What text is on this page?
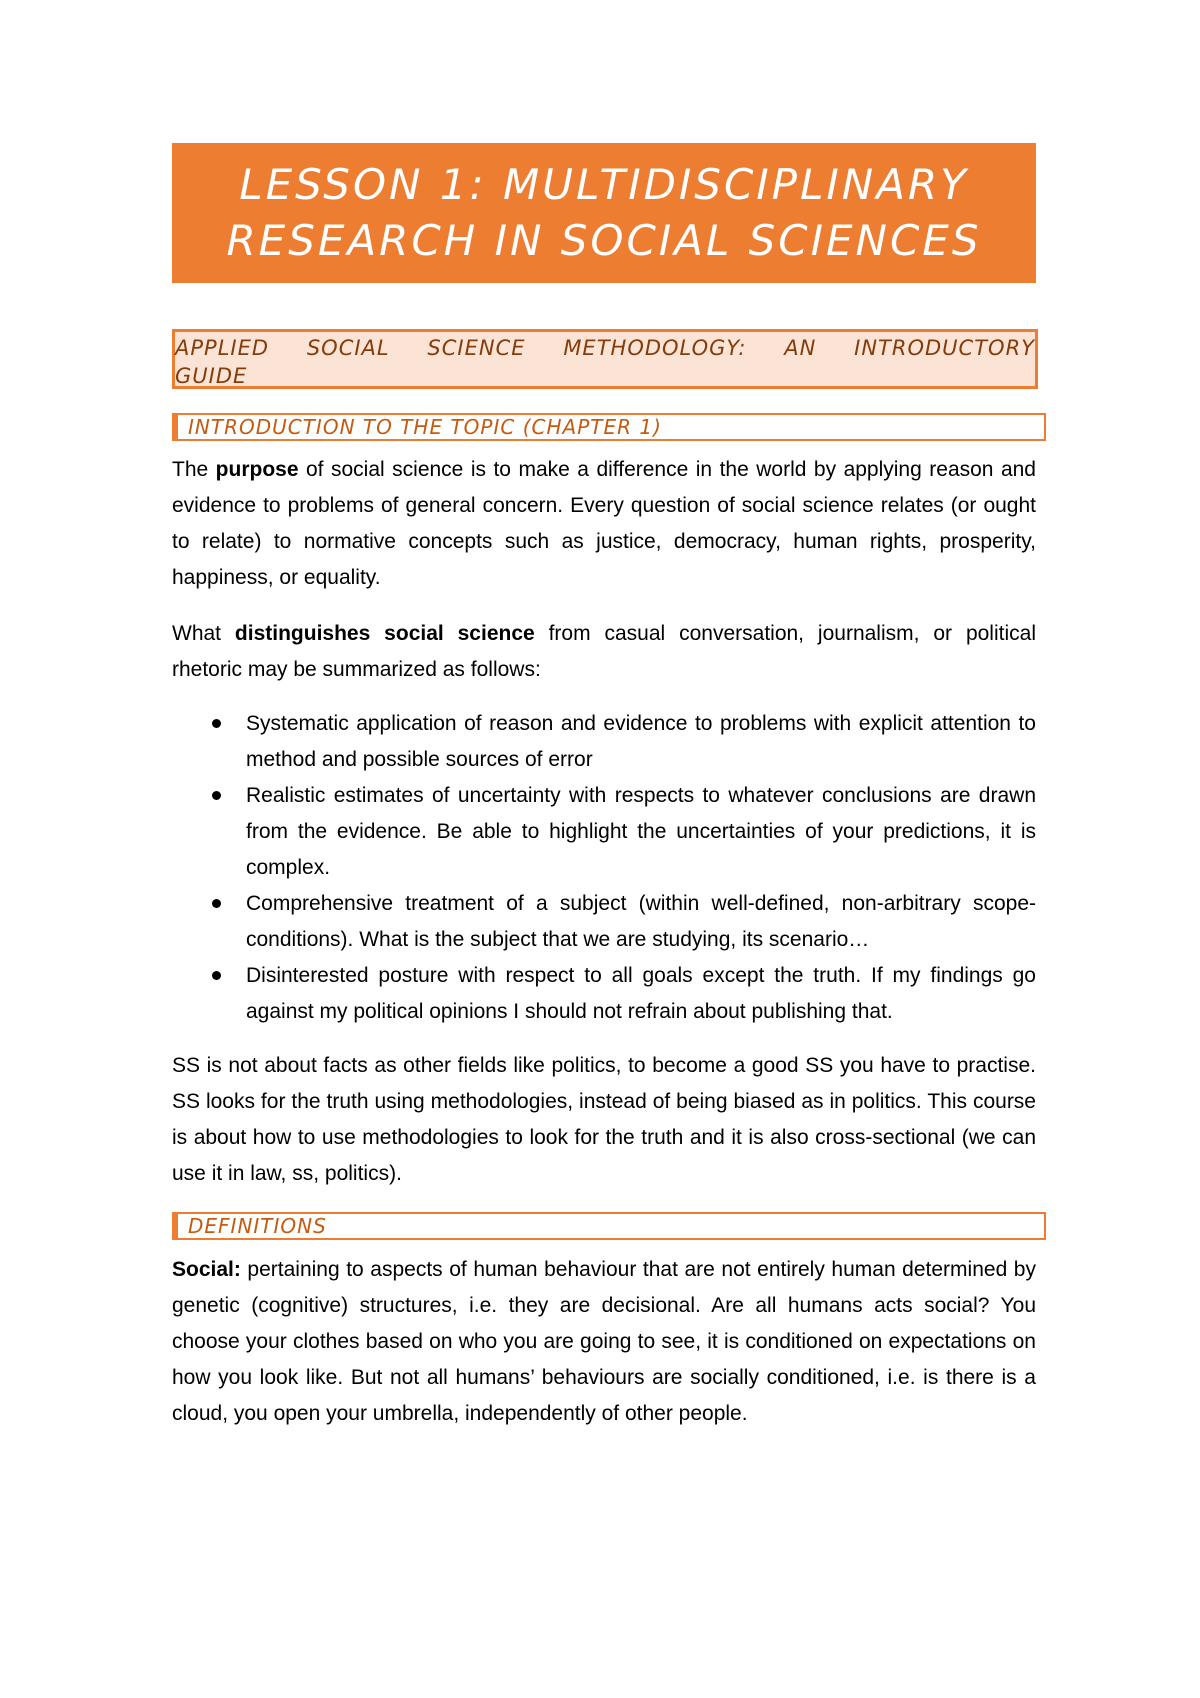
LESSON 1: MULTIDISCIPLINARY
RESEARCH IN SOCIAL SCIENCES
APPLIED SOCIAL SCIENCE METHODOLOGY: AN INTRODUCTORY
GUIDE
INTRODUCTION TO THE TOPIC (CHAPTER 1)

The purpose of social science is to make a difference in the world by applying reason and evidence to problems of general concern. Every question of social science relates (or ought to relate) to normative concepts such as justice, democracy, human rights, prosperity, happiness, or equality.

What distinguishes social science from casual conversation, journalism, or political rhetoric may be summarized as follows:

Systematic application of reason and evidence to problems with explicit attention to method and possible sources of error
Realistic estimates of uncertainty with respects to whatever conclusions are drawn from the evidence. Be able to highlight the uncertainties of your predictions, it is complex.
Comprehensive treatment of a subject (within well-defined, non-arbitrary scope-conditions). What is the subject that we are studying, its scenario…
Disinterested posture with respect to all goals except the truth. If my findings go against my political opinions I should not refrain about publishing that.

SS is not about facts as other fields like politics, to become a good SS you have to practise. SS looks for the truth using methodologies, instead of being biased as in politics. This course is about how to use methodologies to look for the truth and it is also cross-sectional (we can use it in law, ss, politics).

DEFINITIONS

Social: pertaining to aspects of human behaviour that are not entirely human determined by genetic (cognitive) structures, i.e. they are decisional. Are all humans acts social? You choose your clothes based on who you are going to see, it is conditioned on expectations on how you look like. But not all humans’ behaviours are socially conditioned, i.e. is there is a cloud, you open your umbrella, independently of other people.
